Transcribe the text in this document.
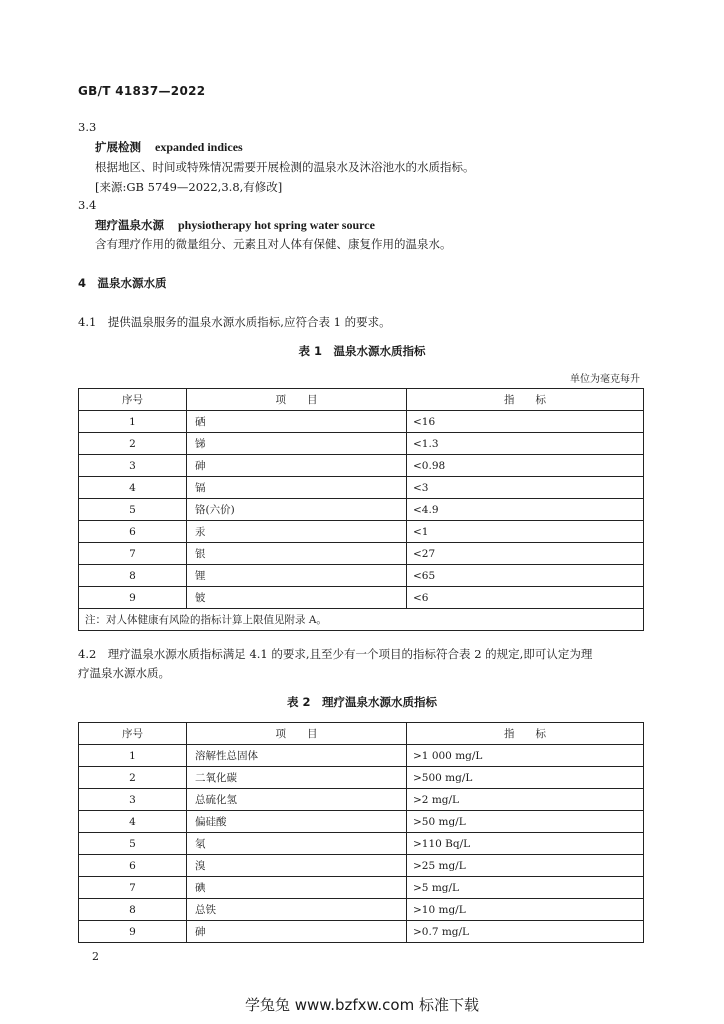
GB/T 41837—2022
3.3
扩展检测 expanded indices
根据地区、时间或特殊情况需要开展检测的温泉水及沐浴池水的水质指标。
[来源:GB 5749—2022,3.8,有修改]
3.4
理疗温泉水源 physiotherapy hot spring water source
含有理疗作用的微量组分、元素且对人体有保健、康复作用的温泉水。
4　温泉水源水质
4.1　提供温泉服务的温泉水源水质指标,应符合表 1 的要求。
表 1　温泉水源水质指标
单位为毫克每升
序号	项　　目	指　　标
1	硒	<16
2	锑	<1.3
3	砷	<0.98
4	镉	<3
5	铬(六价)	<4.9
6	汞	<1
7	银	<27
8	锂	<65
9	铍	<6
注：对人体健康有风险的指标计算上限值见附录 A。		
4.2　理疗温泉水源水质指标满足 4.1 的要求,且至少有一个项目的指标符合表 2 的规定,即可认定为理
疗温泉水源水质。
表 2　理疗温泉水源水质指标
序号	项　　目	指　　标
1	溶解性总固体	>1 000 mg/L
2	二氧化碳	>500 mg/L
3	总硫化氢	>2 mg/L
4	偏硅酸	>50 mg/L
5	氡	>110 Bq/L
6	溴	>25 mg/L
7	碘	>5 mg/L
8	总铁	>10 mg/L
9	砷	>0.7 mg/L
2
学兔兔 www.bzfxw.com 标准下载
